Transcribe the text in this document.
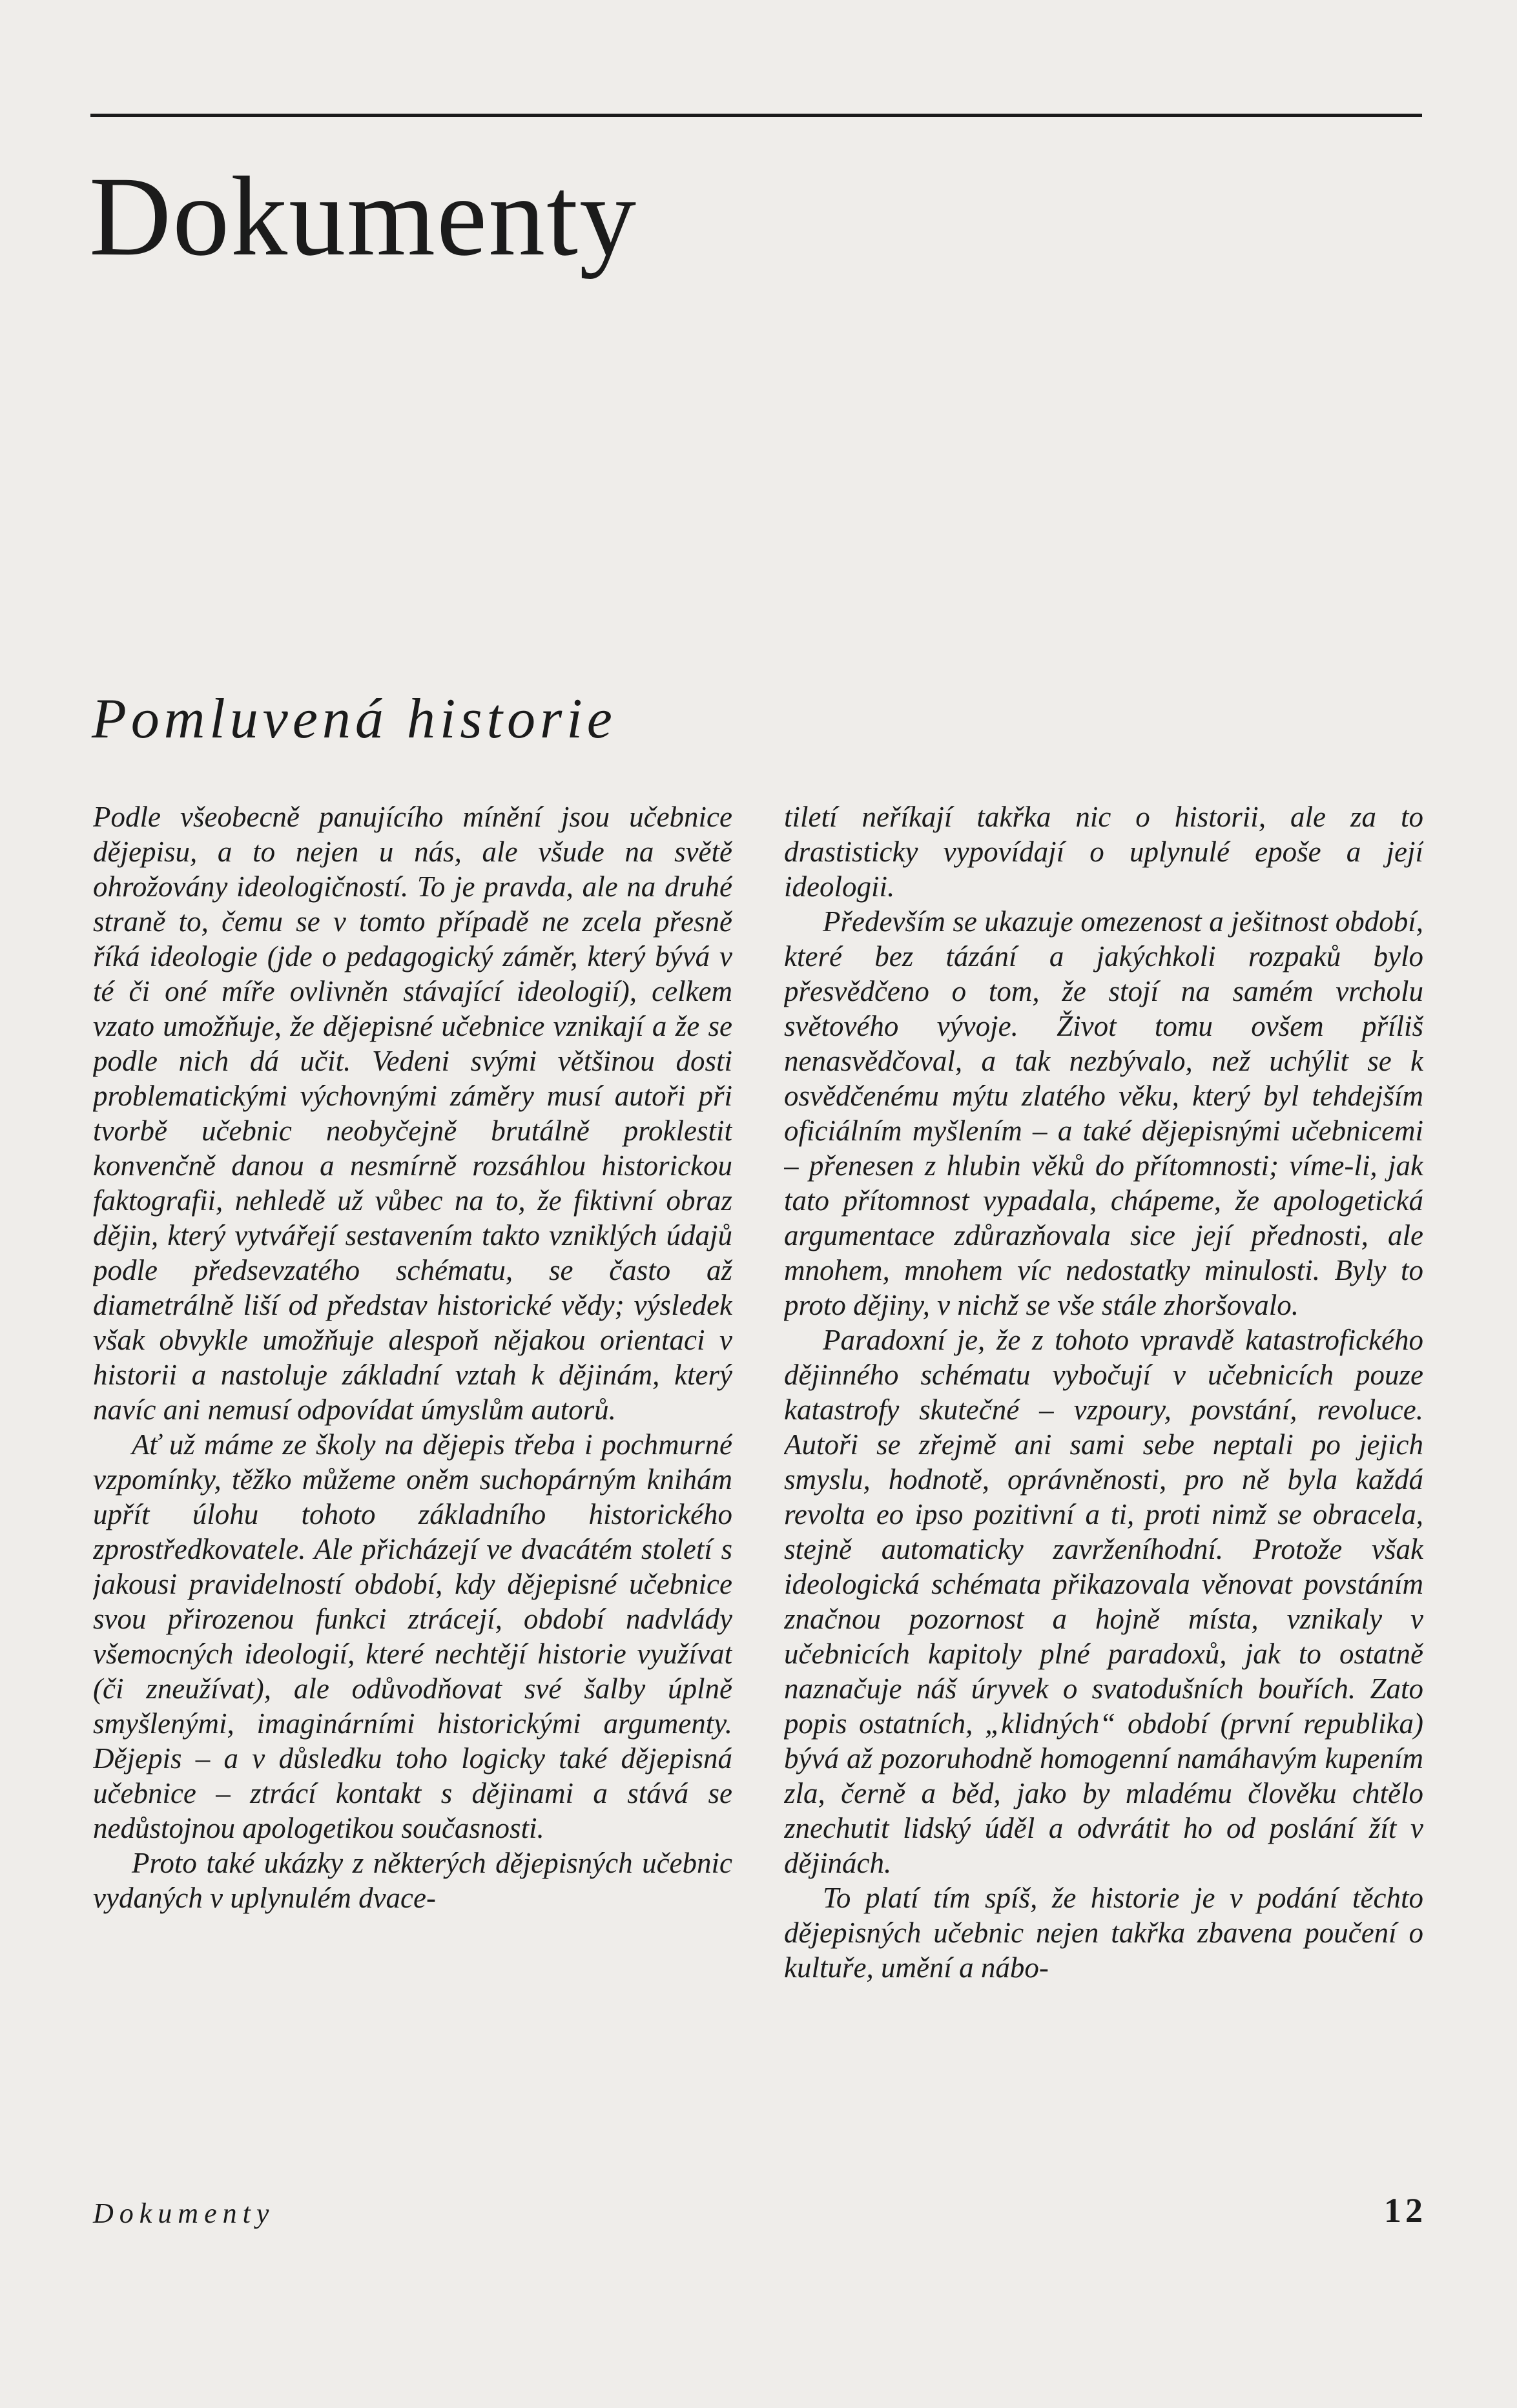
Dokumenty
Pomluvená historie

Podle všeobecně panujícího mínění jsou učebnice dějepisu, a to nejen u nás, ale všude na světě ohrožovány ideologičností. To je pravda, ale na druhé straně to, čemu se v tomto případě ne zcela přesně říká ideologie (jde o pedagogický záměr, který bývá v té či oné míře ovlivněn stávající ideologií), celkem vzato umožňuje, že dějepisné učebnice vznikají a že se podle nich dá učit. Vedeni svými většinou dosti problematickými výchovnými záměry musí autoři při tvorbě učebnic neobyčejně brutálně proklestit konvenčně danou a nesmírně rozsáhlou historickou faktografii, nehledě už vůbec na to, že fiktivní obraz dějin, který vytvářejí sestavením takto vzniklých údajů podle předsevzatého schématu, se často až diametrálně liší od představ historické vědy; výsledek však obvykle umožňuje alespoň nějakou orientaci v historii a nastoluje základní vztah k dějinám, který navíc ani nemusí odpovídat úmyslům autorů.

Ať už máme ze školy na dějepis třeba i pochmurné vzpomínky, těžko můžeme oněm suchopárným knihám upřít úlohu tohoto základního historického zprostředkovatele. Ale přicházejí ve dvacátém století s jakousi pravidelností období, kdy dějepisné učebnice svou přirozenou funkci ztrácejí, období nadvlády všemocných ideologií, které nechtějí historie využívat (či zneužívat), ale odůvodňovat své šalby úplně smyšlenými, imaginárními historickými argumenty. Dějepis – a v důsledku toho logicky také dějepisná učebnice – ztrácí kontakt s dějinami a stává se nedůstojnou apologetikou současnosti.

Proto také ukázky z některých dějepisných učebnic vydaných v uplynulém dvace-

tiletí neříkají takřka nic o historii, ale za to drastisticky vypovídají o uplynulé epoše a její ideologii.

Především se ukazuje omezenost a ješitnost období, které bez tázání a jakýchkoli rozpaků bylo přesvědčeno o tom, že stojí na samém vrcholu světového vývoje. Život tomu ovšem příliš nenasvědčoval, a tak nezbývalo, než uchýlit se k osvědčenému mýtu zlatého věku, který byl tehdejším oficiálním myšlením – a také dějepisnými učebnicemi – přenesen z hlubin věků do přítomnosti; víme-li, jak tato přítomnost vypadala, chápeme, že apologetická argumentace zdůrazňovala sice její přednosti, ale mnohem, mnohem víc nedostatky minulosti. Byly to proto dějiny, v nichž se vše stále zhoršovalo.

Paradoxní je, že z tohoto vpravdě katastrofického dějinného schématu vybočují v učebnicích pouze katastrofy skutečné – vzpoury, povstání, revoluce. Autoři se zřejmě ani sami sebe neptali po jejich smyslu, hodnotě, oprávněnosti, pro ně byla každá revolta eo ipso pozitivní a ti, proti nimž se obracela, stejně automaticky zavrženíhodní. Protože však ideologická schémata přikazovala věnovat povstáním značnou pozornost a hojně místa, vznikaly v učebnicích kapitoly plné paradoxů, jak to ostatně naznačuje náš úryvek o svatodušních bouřích. Zato popis ostatních, „klidných“ období (první republika) bývá až pozoruhodně homogenní namáhavým kupením zla, černě a běd, jako by mladému člověku chtělo znechutit lidský úděl a odvrátit ho od poslání žít v dějinách.

To platí tím spíš, že historie je v podání těchto dějepisných učebnic nejen takřka zbavena poučení o kultuře, umění a nábo-

Dokumenty	12
